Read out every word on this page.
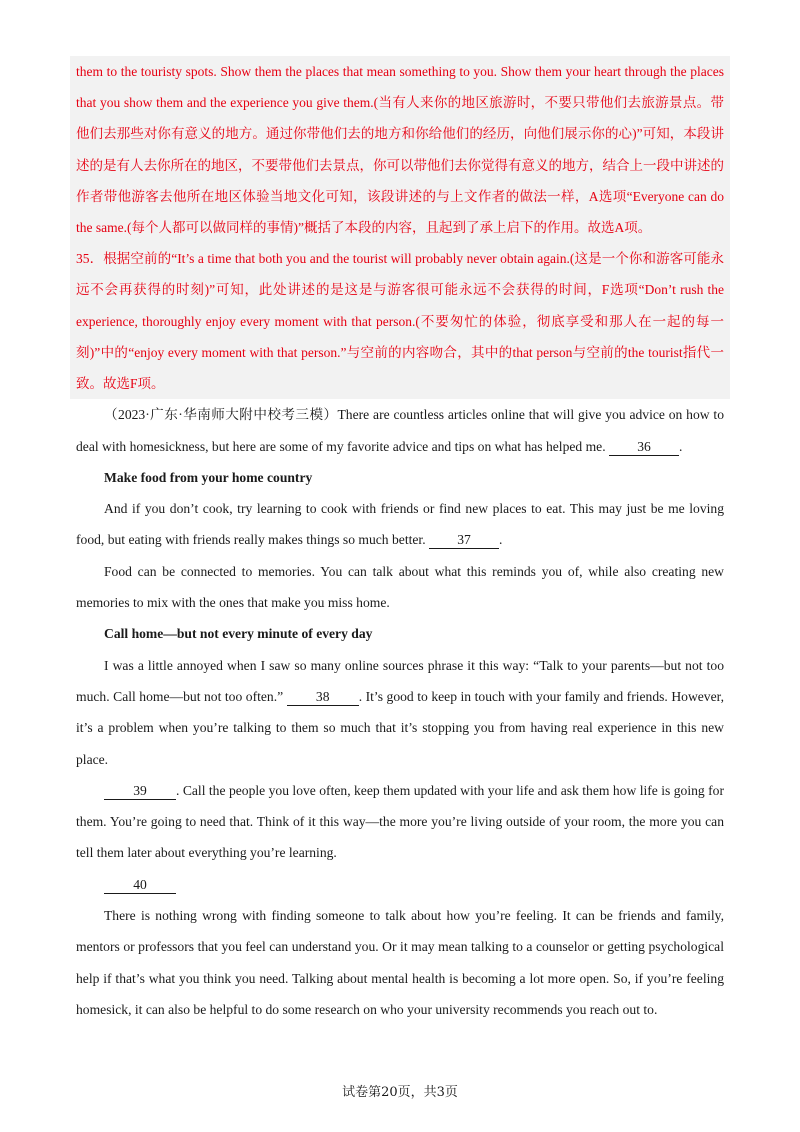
them to the touristy spots. Show them the places that mean something to you. Show them your heart through the places that you show them and the experience you give them.(当有人来你的地区旅游时，不要只带他们去旅游景点。带他们去那些对你有意义的地方。通过你带他们去的地方和你给他们的经历，向他们展示你的心)”可知，本段讲述的是有人去你所在的地区，不要带他们去景点，你可以带他们去你觉得有意义的地方，结合上一段中讲述的作者带他游客去他所在地区体验当地文化可知，该段讲述的与上文作者的做法一样，A选项“Everyone can do the same.(每个人都可以做同样的事情)”概括了本段的内容，且起到了承上启下的作用。故选A项。

35．根据空前的“It’s a time that both you and the tourist will probably never obtain again.(这是一个你和游客可能永远不会再获得的时刻)”可知，此处讲述的是这是与游客很可能永远不会获得的时间，F选项“Don’t rush the experience, thoroughly enjoy every moment with that person.(不要匆忙的体验，彻底享受和那人在一起的每一刻)”中的“enjoy every moment with that person.”与空前的内容吻合，其中的that person与空前的the tourist指代一致。故选F项。

（2023·广东·华南师大附中校考三模）There are countless articles online that will give you advice on how to deal with homesickness, but here are some of my favorite advice and tips on what has helped me. 36 .

Make food from your home country

And if you don’t cook, try learning to cook with friends or find new places to eat. This may just be me loving food, but eating with friends really makes things so much better. 37 .

Food can be connected to memories. You can talk about what this reminds you of, while also creating new memories to mix with the ones that make you miss home.

Call home—but not every minute of every day

I was a little annoyed when I saw so many online sources phrase it this way: “Talk to your parents—but not too much. Call home—but not too often.” 38 . It’s good to keep in touch with your family and friends. However, it’s a problem when you’re talking to them so much that it’s stopping you from having real experience in this new place.

39 . Call the people you love often, keep them updated with your life and ask them how life is going for them. You’re going to need that. Think of it this way—the more you’re living outside of your room, the more you can tell them later about everything you’re learning.

40

There is nothing wrong with finding someone to talk about how you’re feeling. It can be friends and family, mentors or professors that you feel can understand you. Or it may mean talking to a counselor or getting psychological help if that’s what you think you need. Talking about mental health is becoming a lot more open. So, if you’re feeling homesick, it can also be helpful to do some research on who your university recommends you reach out to.

试卷第20页，共3页
